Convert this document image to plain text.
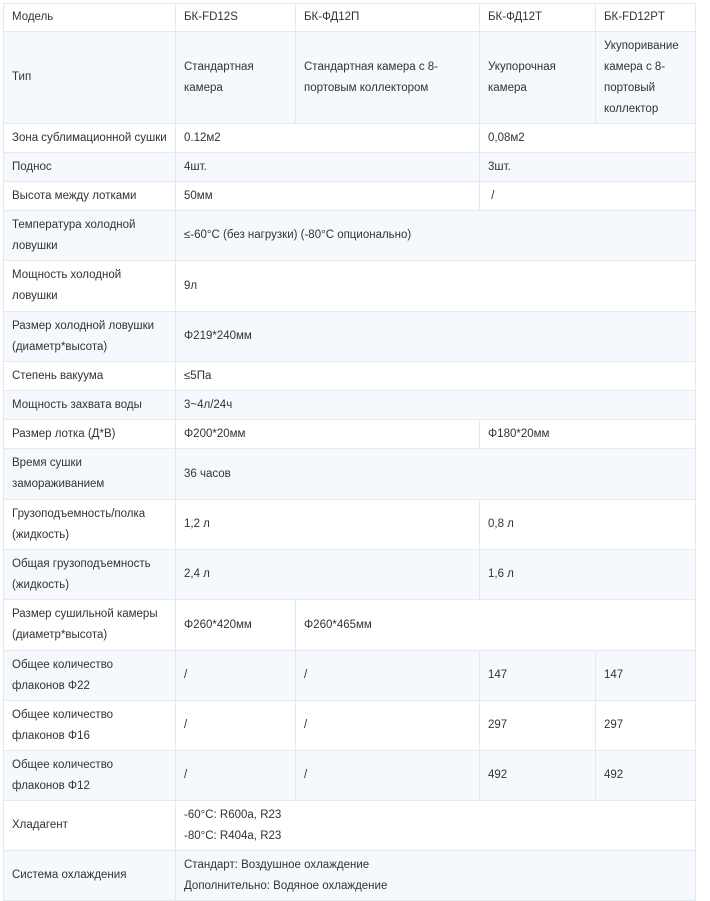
Модель	БК-FD12S	БК-ФД12П	БК-ФД12Т	БК-FD12PT
Тип	Стандартная камера	Стандартная камера с 8-портовым коллектором	Укупорочная камера	Укупоривание камера с 8-портовый коллектор
Зона сублимационной сушки	0.12м2		0,08м2	
Поднос	4шт.		3шт.	
Высота между лотками	50мм		/	
Температура холодной ловушки	≤-60°C (без нагрузки) (-80°C опционально)			
Мощность холодной ловушки	9л			
Размер холодной ловушки (диаметр*высота)	Φ219*240мм			
Степень вакуума	≤5Па			
Мощность захвата воды	3~4л/24ч			
Размер лотка (Д*В)	Φ200*20мм		Φ180*20мм	
Время сушки замораживанием	36 часов			
Грузоподъемность/полка (жидкость)	1,2 л		0,8 л	
Общая грузоподъемность (жидкость)	2,4 л		1,6 л	
Размер сушильной камеры (диаметр*высота)	Φ260*420мм	Φ260*465мм		
Общее количество флаконов Φ22	/	/	147	147
Общее количество флаконов Φ16	/	/	297	297
Общее количество флаконов Φ12	/	/	492	492
Хладагент	-60°C: R600a, R23
-80°C: R404a, R23			

Система охлаждения	Стандарт: Воздушное охлаждение
Дополнительно: Водяное охлаждение			
